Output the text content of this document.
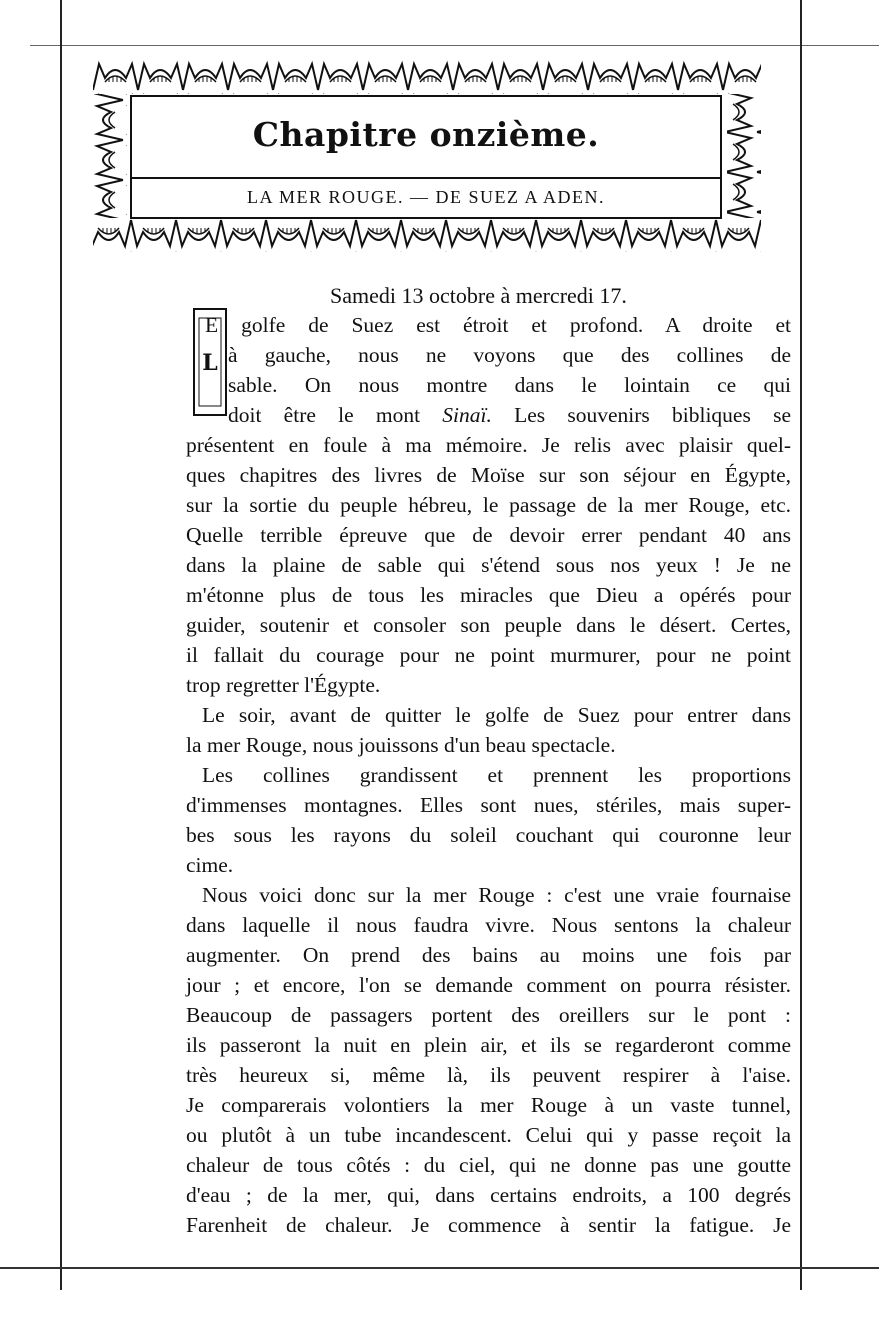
Chapitre onzième.
LA MER ROUGE. — DE SUEZ A ADEN.
Samedi 13 octobre à mercredi 17.
L
E golfe de Suez est étroit et profond. A droite et
à gauche, nous ne voyons que des collines de
sable. On nous montre dans le lointain ce qui
doit être le mont Sinaï. Les souvenirs bibliques se
présentent en foule à ma mémoire. Je relis avec plaisir quel-
ques chapitres des livres de Moïse sur son séjour en Égypte,
sur la sortie du peuple hébreu, le passage de la mer Rouge, etc.
Quelle terrible épreuve que de devoir errer pendant 40 ans
dans la plaine de sable qui s'étend sous nos yeux ! Je ne
m'étonne plus de tous les miracles que Dieu a opérés pour
guider, soutenir et consoler son peuple dans le désert. Certes,
il fallait du courage pour ne point murmurer, pour ne point
trop regretter l'Égypte.
Le soir, avant de quitter le golfe de Suez pour entrer dans
la mer Rouge, nous jouissons d'un beau spectacle.
Les collines grandissent et prennent les proportions
d'immenses montagnes. Elles sont nues, stériles, mais super-
bes sous les rayons du soleil couchant qui couronne leur
cime.
Nous voici donc sur la mer Rouge : c'est une vraie fournaise
dans laquelle il nous faudra vivre. Nous sentons la chaleur
augmenter. On prend des bains au moins une fois par
jour ; et encore, l'on se demande comment on pourra résister.
Beaucoup de passagers portent des oreillers sur le pont :
ils passeront la nuit en plein air, et ils se regarderont comme
très heureux si, même là, ils peuvent respirer à l'aise.
Je comparerais volontiers la mer Rouge à un vaste tunnel,
ou plutôt à un tube incandescent. Celui qui y passe reçoit la
chaleur de tous côtés : du ciel, qui ne donne pas une goutte
d'eau ; de la mer, qui, dans certains endroits, a 100 degrés
Farenheit de chaleur. Je commence à sentir la fatigue. Je
